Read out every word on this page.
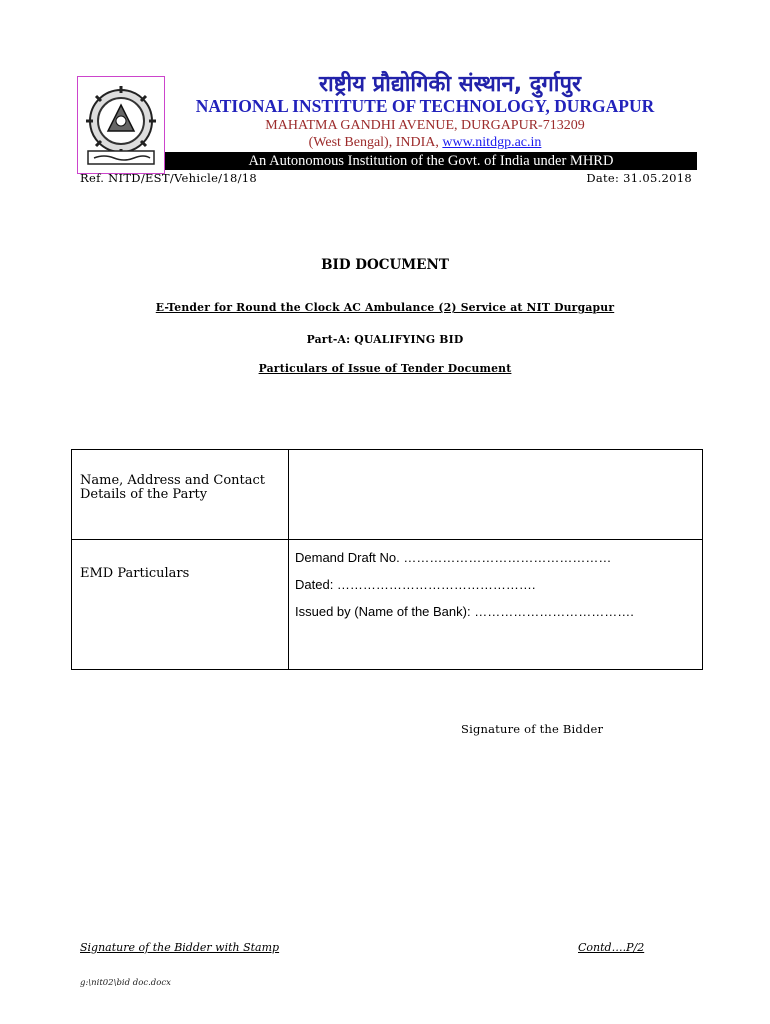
राष्ट्रीय प्रौद्योगिकी संस्थान, दुर्गापुर
NATIONAL INSTITUTE OF TECHNOLOGY, DURGAPUR
MAHATMA GANDHI AVENUE, DURGAPUR-713209
(West Bengal), INDIA, www.nitdgp.ac.in
An Autonomous Institution of the Govt. of India under MHRD
Ref. NITD/EST/Vehicle/18/18	Date: 31.05.2018
BID DOCUMENT
E-Tender for Round the Clock AC Ambulance (2) Service at NIT Durgapur
Part-A: QUALIFYING BID
Particulars of Issue of Tender Document
Name, Address and Contact Details of the Party	

EMD Particulars	Demand Draft No. …………………………………………
Dated: ……………………………………….
Issued by (Name of the Bank): ……………………………….
Signature of the Bidder
Signature of the Bidder with Stamp	Contd….P/2
g:\nit02\bid doc.docx
